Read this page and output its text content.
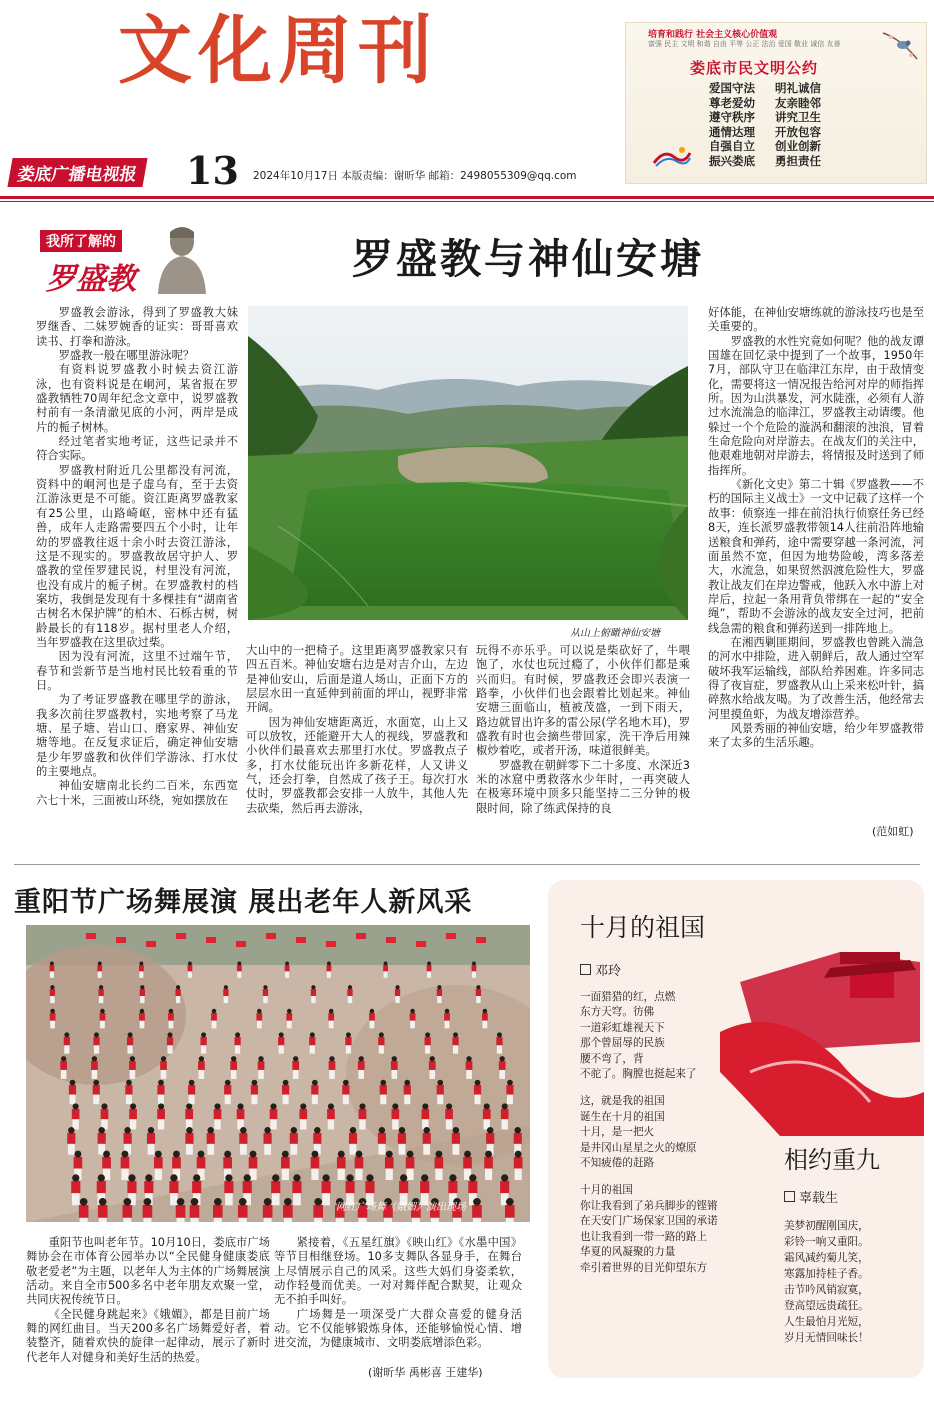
文化周刊
娄底广播电视报 13 2024年10月17日 本版责编：谢昕华 邮箱：2498055309@qq.com
培育和践行 社会主义核心价值观
富强 民主 文明 和谐 自由 平等 公正 法治 爱国 敬业 诚信 友善
娄底市民文明公约
爱国守法 明礼诚信
尊老爱幼 友亲睦邻
遵守秩序 讲究卫生
通情达理 开放包容
自强自立 创业创新
振兴娄底 勇担责任
我所了解的
罗盛教	罗盛教与神仙安塘

罗盛教会游泳，得到了罗盛教大妹罗继香、二妹罗婉香的证实：哥哥喜欢读书、打拳和游泳。

罗盛教一般在哪里游泳呢？

有资料说罗盛教小时候去资江游泳，也有资料说是在峒河，某省报在罗盛教牺牲70周年纪念文章中，说罗盛教村前有一条清澈见底的小河，两岸是成片的栀子树林。

经过笔者实地考证，这些记录并不符合实际。

罗盛教村附近几公里都没有河流，资料中的峒河也是子虚乌有，至于去资江游泳更是不可能。资江距离罗盛教家有25公里，山路崎岖，密林中还有猛兽，成年人走路需要四五个小时，让年幼的罗盛教往返十余小时去资江游泳，这是不现实的。罗盛教故居守护人、罗盛教的堂侄罗建民说，村里没有河流，也没有成片的栀子树。在罗盛教村的档案坊，我倒是发现有十多棵挂有“湖南省古树名木保护牌”的柏木、石栎古树，树龄最长的有118岁。据村里老人介绍，当年罗盛教在这里砍过柴。

因为没有河流，这里不过端午节，春节和尝新节是当地村民比较看重的节日。

为了考证罗盛教在哪里学的游泳，我多次前往罗盛教村，实地考察了马龙塘、星子塘、岩山口、磨家界、神仙安塘等地。在反复求证后，确定神仙安塘是少年罗盛教和伙伴们学游泳、打水仗的主要地点。

神仙安塘南北长约二百米，东西宽六七十米，三面被山环绕，宛如摆放在

从山上俯瞰神仙安塘

大山中的一把椅子。这里距离罗盛教家只有四五百米。神仙安塘右边是对吉介山，左边是神仙安山，后面是道人场山，正面下方的层层水田一直延伸到前面的坪山，视野非常开阔。

因为神仙安塘距离近，水面宽，山上又可以放牧，还能避开大人的视线，罗盛教和小伙伴们最喜欢去那里打水仗。罗盛教点子多，打水仗能玩出许多新花样，人又讲义气，还会打拳，自然成了孩子王。每次打水仗时，罗盛教都会安排一人放牛，其他人先去砍柴，然后再去游泳，

玩得不亦乐乎。可以说是柴砍好了，牛喂饱了，水仗也玩过瘾了，小伙伴们都是乘兴而归。有时候，罗盛教还会即兴表演一路拳，小伙伴们也会跟着比划起来。神仙安塘三面临山，植被茂盛，一到下雨天，路边就冒出许多的雷公尿(学名地木耳)，罗盛教有时也会摘些带回家，洗干净后用辣椒炒着吃，或者开汤，味道很鲜美。

罗盛教在朝鲜零下二十多度、水深近3米的冰窟中勇救落水少年时，一再突破人在极寒环境中顶多只能坚持二三分钟的极限时间，除了练武保持的良

好体能，在神仙安塘练就的游泳技巧也是至关重要的。

罗盛教的水性究竟如何呢？他的战友谭国雄在回忆录中提到了一个故事，1950年7月，部队守卫在临津江东岸，由于敌情变化，需要将这一情况报告给河对岸的师指挥所。因为山洪暴发，河水陡涨，必须有人游过水流湍急的临津江，罗盛教主动请缨。他躲过一个个危险的漩涡和翻滚的浊浪，冒着生命危险向对岸游去。在战友们的关注中，他艰难地朝对岸游去，将情报及时送到了师指挥所。

《新化文史》第二十辑《罗盛教——不朽的国际主义战士》一文中记载了这样一个故事：侦察连一排在前沿执行侦察任务已经8天，连长派罗盛教带领14人往前沿阵地输送粮食和弹药，途中需要穿越一条河流，河面虽然不宽，但因为地势险峻，湾多落差大，水流急，如果贸然泅渡危险性大，罗盛教让战友们在岸边警戒，他跃入水中游上对岸后，拉起一条用背负带绑在一起的“安全绳”，帮助不会游泳的战友安全过河，把前线急需的粮食和弹药送到一排阵地上。

在湘西剿匪期间，罗盛教也曾跳入湍急的河水中排险，进入朝鲜后，敌人通过空军破坏我军运输线，部队给养困难。许多同志得了夜盲症，罗盛教从山上采来松叶针，搞碎熬水给战友喝。为了改善生活，他经常去河里摸鱼虾，为战友增添营养。

风景秀丽的神仙安塘，给少年罗盛教带来了太多的生活乐趣。

(范如虹)
重阳节广场舞展演 展出老年人新风采
网红广场舞《娥媚》演出现场

重阳节也叫老年节。10月10日，娄底市广场舞协会在市体育公园举办以“全民健身健康娄底 敬老爱老”为主题，以老年人为主体的广场舞展演活动。来自全市500多名中老年朋友欢聚一堂，共同庆祝传统节日。

《全民健身跳起来》《娥媚》，都是目前广场舞的网红曲目。当天200多名广场舞爱好者，着装整齐，随着欢快的旋律一起律动，展示了新时代老年人对健身和美好生活的热爱。

紧接着，《五星红旗》《映山红》《水墨中国》等节目相继登场。10多支舞队各显身手，在舞台上尽情展示自己的风采。这些大妈们身姿柔软，动作轻曼而优美。一对对舞伴配合默契，让观众无不拍手叫好。

广场舞是一项深受广大群众喜爱的健身活动。它不仅能够锻炼身体，还能够愉悦心情、增进交流，为健康城市、文明娄底增添色彩。

(谢昕华 禹彬喜 王建华)
十月的祖国
邓玲
一面猎猎的红，点燃
东方天穹。彷佛
一道彩虹雄视天下
那个曾屈辱的民族
腰不弯了，背
不驼了。胸膛也挺起来了
这，就是我的祖国
诞生在十月的祖国
十月，是一把火
是井冈山星星之火的燎原
不知疲倦的赶路
十月的祖国
你让我看到了弟兵脚步的铿锵
在天安门广场保家卫国的承诺
也让我看到一带一路的路上
华夏的风凝聚的力量
牵引着世界的目光仰望东方
相约重九
辜载生
美梦初醒刚国庆，
彩铃一响又重阳。
霜风减约菊儿笑，
寒露加持桂子香。
击节吟风销寂寞，
登高望远贵疏狂。
人生最怕月光短，
岁月无情回味长！
